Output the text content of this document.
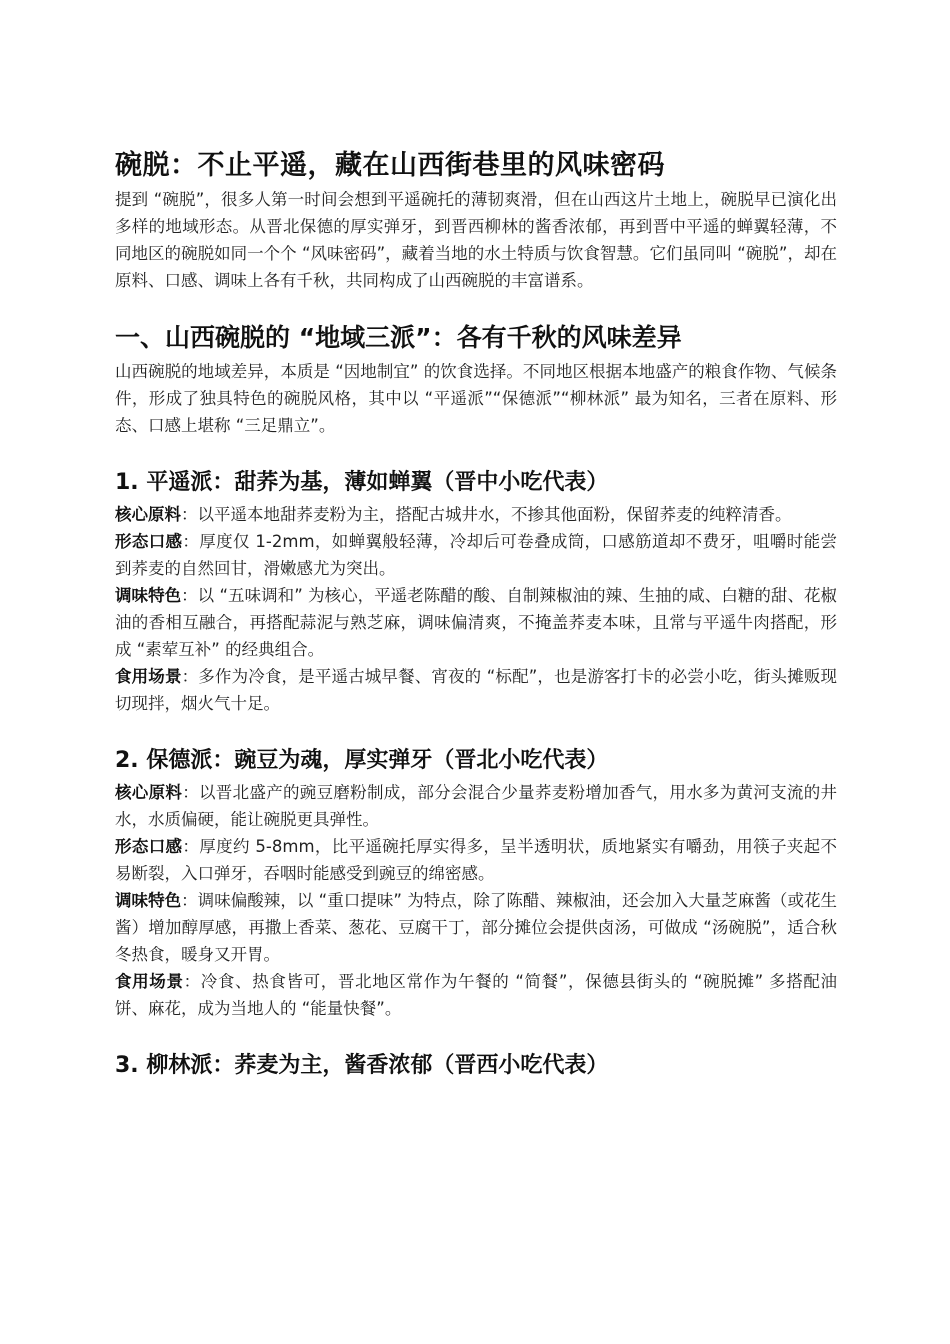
碗脱：不止平遥，藏在山西街巷里的风味密码

提到 “碗脱”，很多人第一时间会想到平遥碗托的薄韧爽滑，但在山西这片土地上，碗脱早已演化出多样的地域形态。从晋北保德的厚实弹牙，到晋西柳林的酱香浓郁，再到晋中平遥的蝉翼轻薄，不同地区的碗脱如同一个个 “风味密码”，藏着当地的水土特质与饮食智慧。它们虽同叫 “碗脱”，却在原料、口感、调味上各有千秋，共同构成了山西碗脱的丰富谱系。

一、山西碗脱的 “地域三派”：各有千秋的风味差异

山西碗脱的地域差异，本质是 “因地制宜” 的饮食选择。不同地区根据本地盛产的粮食作物、气候条件，形成了独具特色的碗脱风格，其中以 “平遥派”“保德派”“柳林派” 最为知名，三者在原料、形态、口感上堪称 “三足鼎立”。

1. 平遥派：甜荞为基，薄如蝉翼（晋中小吃代表）

核心原料：以平遥本地甜荞麦粉为主，搭配古城井水，不掺其他面粉，保留荞麦的纯粹清香。

形态口感：厚度仅 1-2mm，如蝉翼般轻薄，冷却后可卷叠成筒，口感筋道却不费牙，咀嚼时能尝到荞麦的自然回甘，滑嫩感尤为突出。

调味特色：以 “五味调和” 为核心，平遥老陈醋的酸、自制辣椒油的辣、生抽的咸、白糖的甜、花椒油的香相互融合，再搭配蒜泥与熟芝麻，调味偏清爽，不掩盖荞麦本味，且常与平遥牛肉搭配，形成 “素荤互补” 的经典组合。

食用场景：多作为冷食，是平遥古城早餐、宵夜的 “标配”，也是游客打卡的必尝小吃，街头摊贩现切现拌，烟火气十足。

2. 保德派：豌豆为魂，厚实弹牙（晋北小吃代表）

核心原料：以晋北盛产的豌豆磨粉制成，部分会混合少量荞麦粉增加香气，用水多为黄河支流的井水，水质偏硬，能让碗脱更具弹性。

形态口感：厚度约 5-8mm，比平遥碗托厚实得多，呈半透明状，质地紧实有嚼劲，用筷子夹起不易断裂，入口弹牙，吞咽时能感受到豌豆的绵密感。

调味特色：调味偏酸辣，以 “重口提味” 为特点，除了陈醋、辣椒油，还会加入大量芝麻酱（或花生酱）增加醇厚感，再撒上香菜、葱花、豆腐干丁，部分摊位会提供卤汤，可做成 “汤碗脱”，适合秋冬热食，暖身又开胃。

食用场景：冷食、热食皆可，晋北地区常作为午餐的 “简餐”，保德县街头的 “碗脱摊” 多搭配油饼、麻花，成为当地人的 “能量快餐”。

3. 柳林派：荞麦为主，酱香浓郁（晋西小吃代表）
